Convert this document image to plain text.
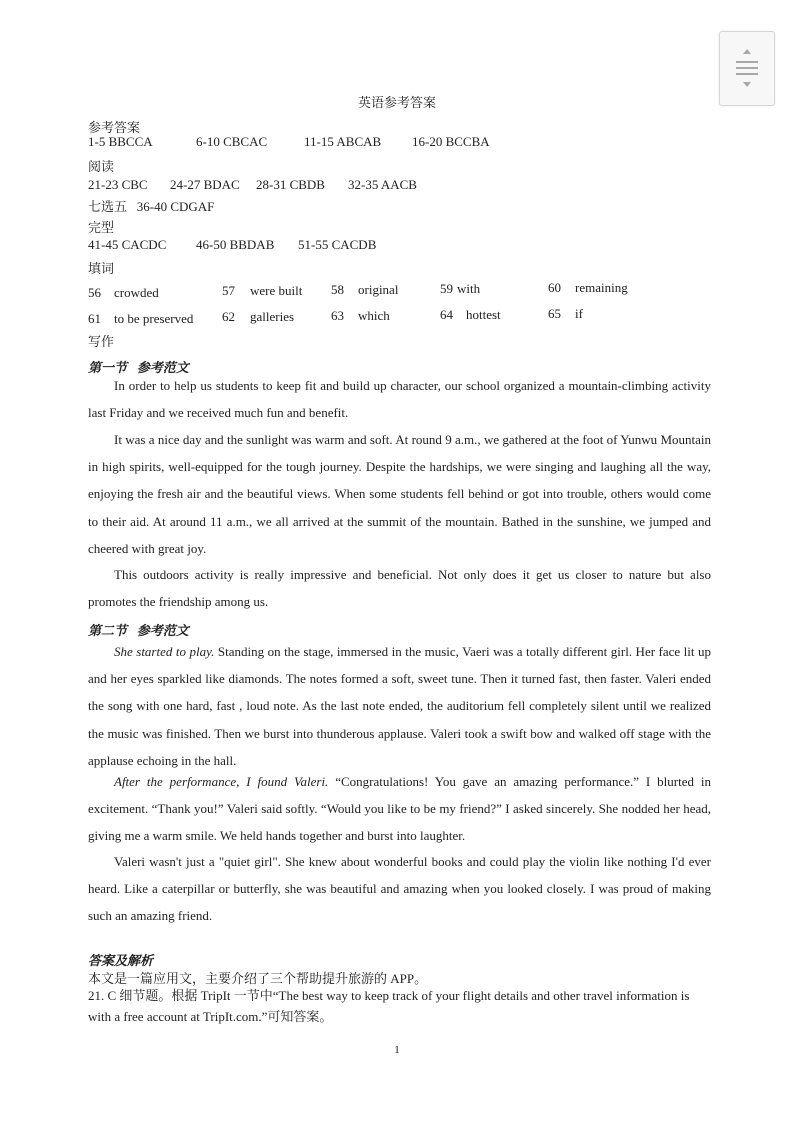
英语参考答案
参考答案
1-5 BBCCA	6-10 CBCAC	11-15 ABCAB 16-20 BCCBA
阅读
21-23 CBC 24-27 BDAC 28-31 CBDB 32-35 AACB
七选五   36-40 CDGAF
完型
41-45 CACDC 46-50 BBDAB 51-55 CACDB
填词
56 crowded	57 were built 58 original	59 with	60 remaining
61 to be preserved 62 galleries	63 which	64 hottest	65 if
写作
第一节   参考范文

In order to help us students to keep fit and build up character, our school organized a mountain-climbing activity last Friday and we received much fun and benefit.

It was a nice day and the sunlight was warm and soft. At round 9 a.m., we gathered at the foot of Yunwu Mountain in high spirits, well-equipped for the tough journey. Despite the hardships, we were singing and laughing all the way, enjoying the fresh air and the beautiful views. When some students fell behind or got into trouble, others would come to their aid. At around 11 a.m., we all arrived at the summit of the mountain. Bathed in the sunshine, we jumped and cheered with great joy.

This outdoors activity is really impressive and beneficial. Not only does it get us closer to nature but also promotes the friendship among us.

第二节   参考范文

She started to play. Standing on the stage, immersed in the music, Vaeri was a totally different girl. Her face lit up and her eyes sparkled like diamonds. The notes formed a soft, sweet tune. Then it turned fast, then faster. Valeri ended the song with one hard, fast , loud note. As the last note ended, the auditorium fell completely silent until we realized the music was finished. Then we burst into thunderous applause. Valeri took a swift bow and walked off stage with the applause echoing in the hall.

After the performance, I found Valeri. “Congratulations! You gave an amazing performance.” I blurted in excitement. “Thank you!” Valeri said softly. “Would you like to be my friend?” I asked sincerely. She nodded her head, giving me a warm smile. We held hands together and burst into laughter.

Valeri wasn't just a "quiet girl". She knew about wonderful books and could play the violin like nothing I'd ever heard. Like a caterpillar or butterfly, she was beautiful and amazing when you looked closely. I was proud of making such an amazing friend.

答案及解析
本文是一篇应用文，主要介绍了三个帮助提升旅游的 APP。

21. C 细节题。根据 TripIt 一节中“The best way to keep track of your flight details and other travel information is with a free account at TripIt.com.”可知答案。

1
